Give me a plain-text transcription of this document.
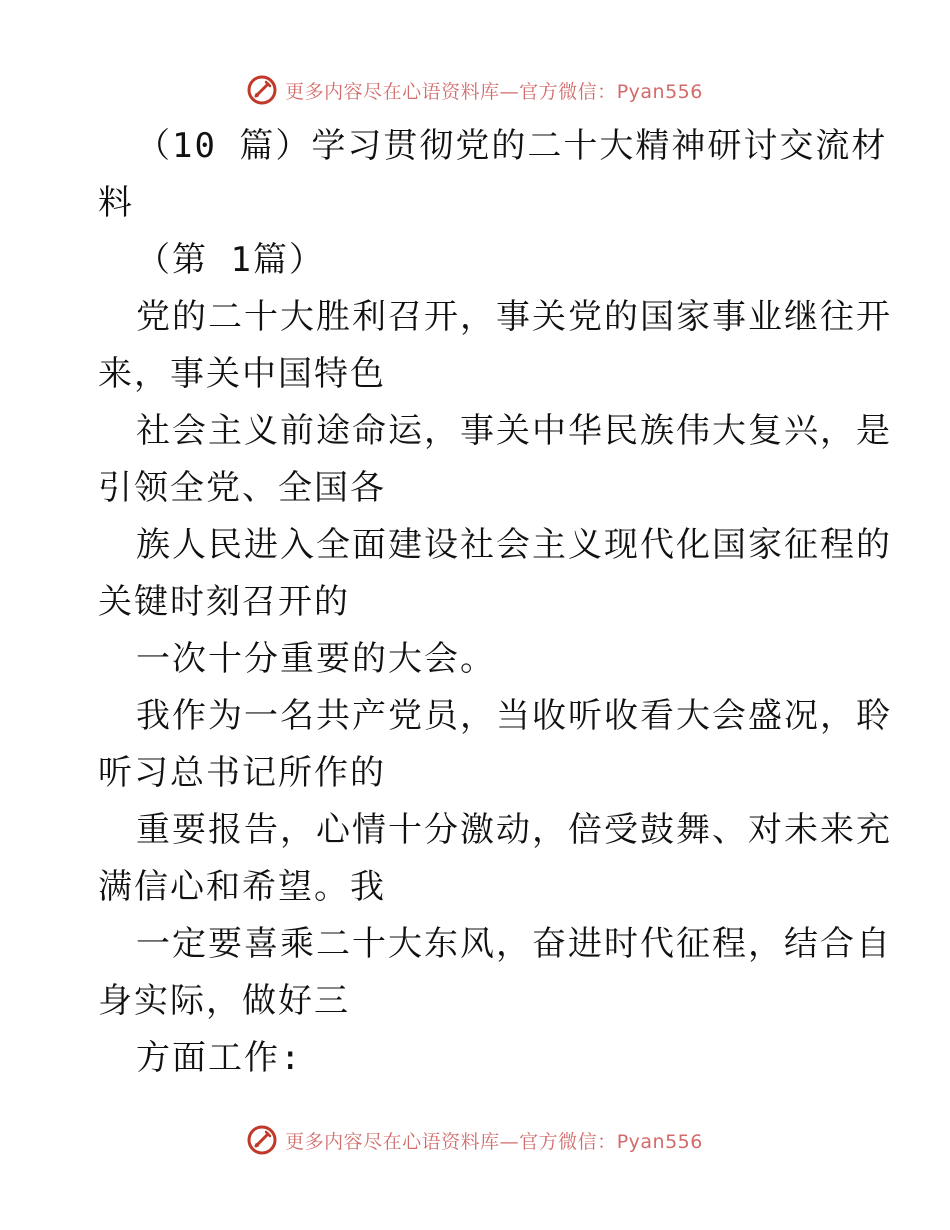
更多内容尽在心语资料库—官方微信：Pyan556
（10 篇）学习贯彻党的二十大精神研讨交流材
料
（第 1篇）
党的二十大胜利召开，事关党的国家事业继往开
来，事关中国特色
社会主义前途命运，事关中华民族伟大复兴，是
引领全党、全国各
族人民进入全面建设社会主义现代化国家征程的
关键时刻召开的
一次十分重要的大会。
我作为一名共产党员，当收听收看大会盛况，聆
听习总书记所作的
重要报告，心情十分激动，倍受鼓舞、对未来充
满信心和希望。我
一定要喜乘二十大东风，奋进时代征程，结合自
身实际，做好三
方面工作:
更多内容尽在心语资料库—官方微信：Pyan556
